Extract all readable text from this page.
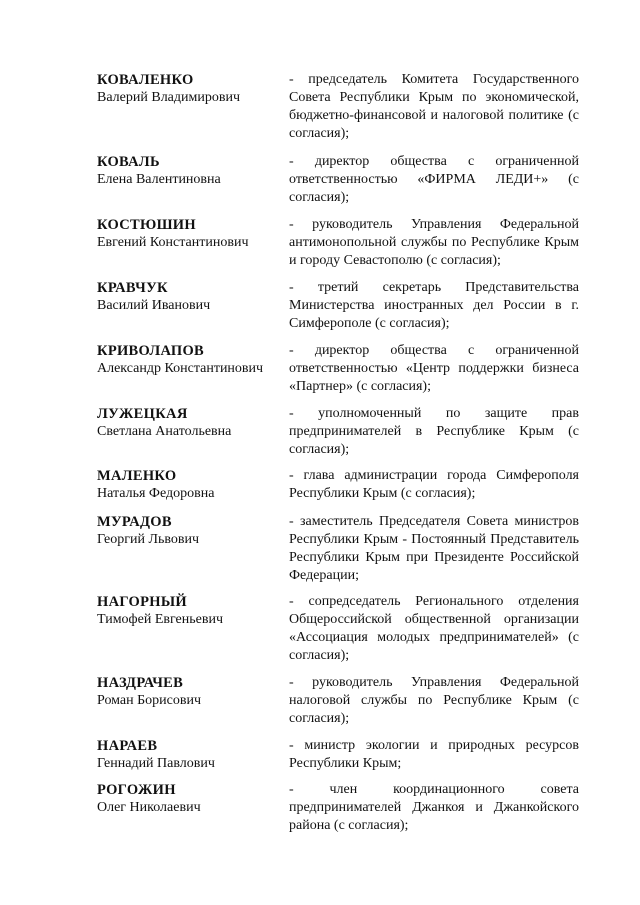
КОВАЛЕНКО
Валерий Владимирович
- председатель Комитета Государственного Совета Республики Крым по экономической, бюджетно-финансовой и налоговой политике (с согласия);
КОВАЛЬ
Елена Валентиновна
- директор общества с ограниченной ответственностью «ФИРМА ЛЕДИ+» (с согласия);
КОСТЮШИН
Евгений Константинович
- руководитель Управления Федеральной антимонопольной службы по Республике Крым и городу Севастополю (с согласия);
КРАВЧУК
Василий Иванович
- третий секретарь Представительства Министерства иностранных дел России в г. Симферополе (с согласия);
КРИВОЛАПОВ
Александр Константинович
- директор общества с ограниченной ответственностью «Центр поддержки бизнеса «Партнер» (с согласия);
ЛУЖЕЦКАЯ
Светлана Анатольевна
- уполномоченный по защите прав предпринимателей в Республике Крым (с согласия);
МАЛЕНКО
Наталья Федоровна
- глава администрации города Симферополя Республики Крым (с согласия);
МУРАДОВ
Георгий Львович
- заместитель Председателя Совета министров Республики Крым - Постоянный Представитель Республики Крым при Президенте Российской Федерации;
НАГОРНЫЙ
Тимофей Евгеньевич
- сопредседатель Регионального отделения Общероссийской общественной организации «Ассоциация молодых предпринимателей» (с согласия);
НАЗДРАЧЕВ
Роман Борисович
- руководитель Управления Федеральной налоговой службы по Республике Крым (с согласия);
НАРАЕВ
Геннадий Павлович
- министр экологии и природных ресурсов Республики Крым;
РОГОЖИН
Олег Николаевич
- член координационного совета предпринимателей Джанкоя и Джанкойского района (с согласия);
